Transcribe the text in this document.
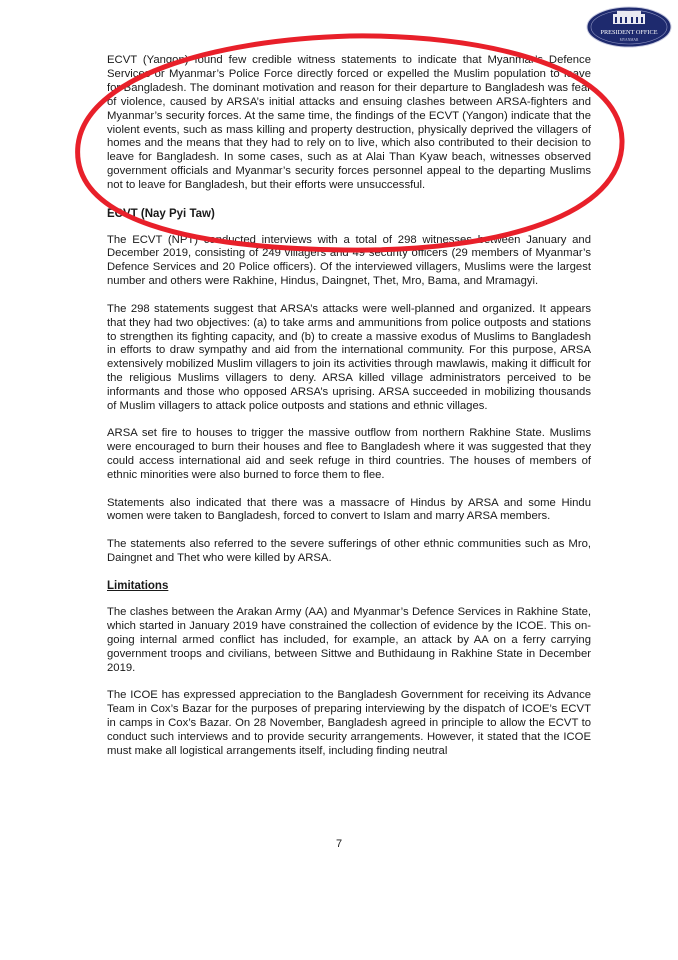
PRESIDENT OFFICE
MYANMAR

ECVT (Yangon) found few credible witness statements to indicate that Myanmar’s Defence Services or Myanmar’s Police Force directly forced or expelled the Muslim population to leave for Bangladesh. The dominant motivation and reason for their departure to Bangladesh was fear of violence, caused by ARSA’s initial attacks and ensuing clashes between ARSA-fighters and Myanmar’s security forces. At the same time, the findings of the ECVT (Yangon) indicate that the violent events, such as mass killing and property destruction, physically deprived the villagers of homes and the means that they had to rely on to live, which also contributed to their decision to leave for Bangladesh. In some cases, such as at Alai Than Kyaw beach, witnesses observed government officials and Myanmar’s security forces personnel appeal to the departing Muslims not to leave for Bangladesh, but their efforts were unsuccessful.

ECVT (Nay Pyi Taw)

The ECVT (NPT) conducted interviews with a total of 298 witnesses between January and December 2019, consisting of 249 villagers and 49 security officers (29 members of Myanmar’s Defence Services and 20 Police officers). Of the interviewed villagers, Muslims were the largest number and others were Rakhine, Hindus, Daingnet, Thet, Mro, Bama, and Mramagyi.

The 298 statements suggest that ARSA’s attacks were well-planned and organized. It appears that they had two objectives: (a) to take arms and ammunitions from police outposts and stations to strengthen its fighting capacity, and (b) to create a massive exodus of Muslims to Bangladesh in efforts to draw sympathy and aid from the international community. For this purpose, ARSA extensively mobilized Muslim villagers to join its activities through mawlawis, making it difficult for the religious Muslims villagers to deny. ARSA killed village administrators perceived to be informants and those who opposed ARSA’s uprising. ARSA succeeded in mobilizing thousands of Muslim villagers to attack police outposts and stations and ethnic villages.

ARSA set fire to houses to trigger the massive outflow from northern Rakhine State. Muslims were encouraged to burn their houses and flee to Bangladesh where it was suggested that they could access international aid and seek refuge in third countries. The houses of members of ethnic minorities were also burned to force them to flee.

Statements also indicated that there was a massacre of Hindus by ARSA and some Hindu women were taken to Bangladesh, forced to convert to Islam and marry ARSA members.

The statements also referred to the severe sufferings of other ethnic communities such as Mro, Daingnet and Thet who were killed by ARSA.

Limitations

The clashes between the Arakan Army (AA) and Myanmar’s Defence Services in Rakhine State, which started in January 2019 have constrained the collection of evidence by the ICOE. This on-going internal armed conflict has included, for example, an attack by AA on a ferry carrying government troops and civilians, between Sittwe and Buthidaung in Rakhine State in December 2019.

The ICOE has expressed appreciation to the Bangladesh Government for receiving its Advance Team in Cox’s Bazar for the purposes of preparing interviewing by the dispatch of ICOE’s ECVT in camps in Cox’s Bazar. On 28 November, Bangladesh agreed in principle to allow the ECVT to conduct such interviews and to provide security arrangements. However, it stated that the ICOE must make all logistical arrangements itself, including finding neutral

7
